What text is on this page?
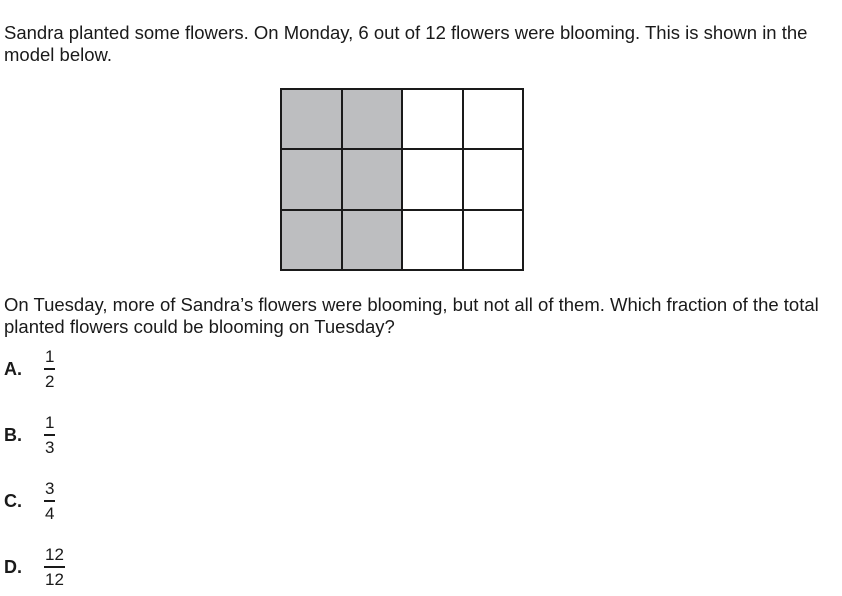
Sandra planted some flowers. On Monday, 6 out of 12 flowers were blooming. This is shown in the model below.

On Tuesday, more of Sandra’s flowers were blooming, but not all of them. Which fraction of the total planted flowers could be blooming on Tuesday?

A.	$\frac{1}{2}$
B.	$\frac{1}{3}$
C.	$\frac{3}{4}$
D.	$\frac{12}{12}$
